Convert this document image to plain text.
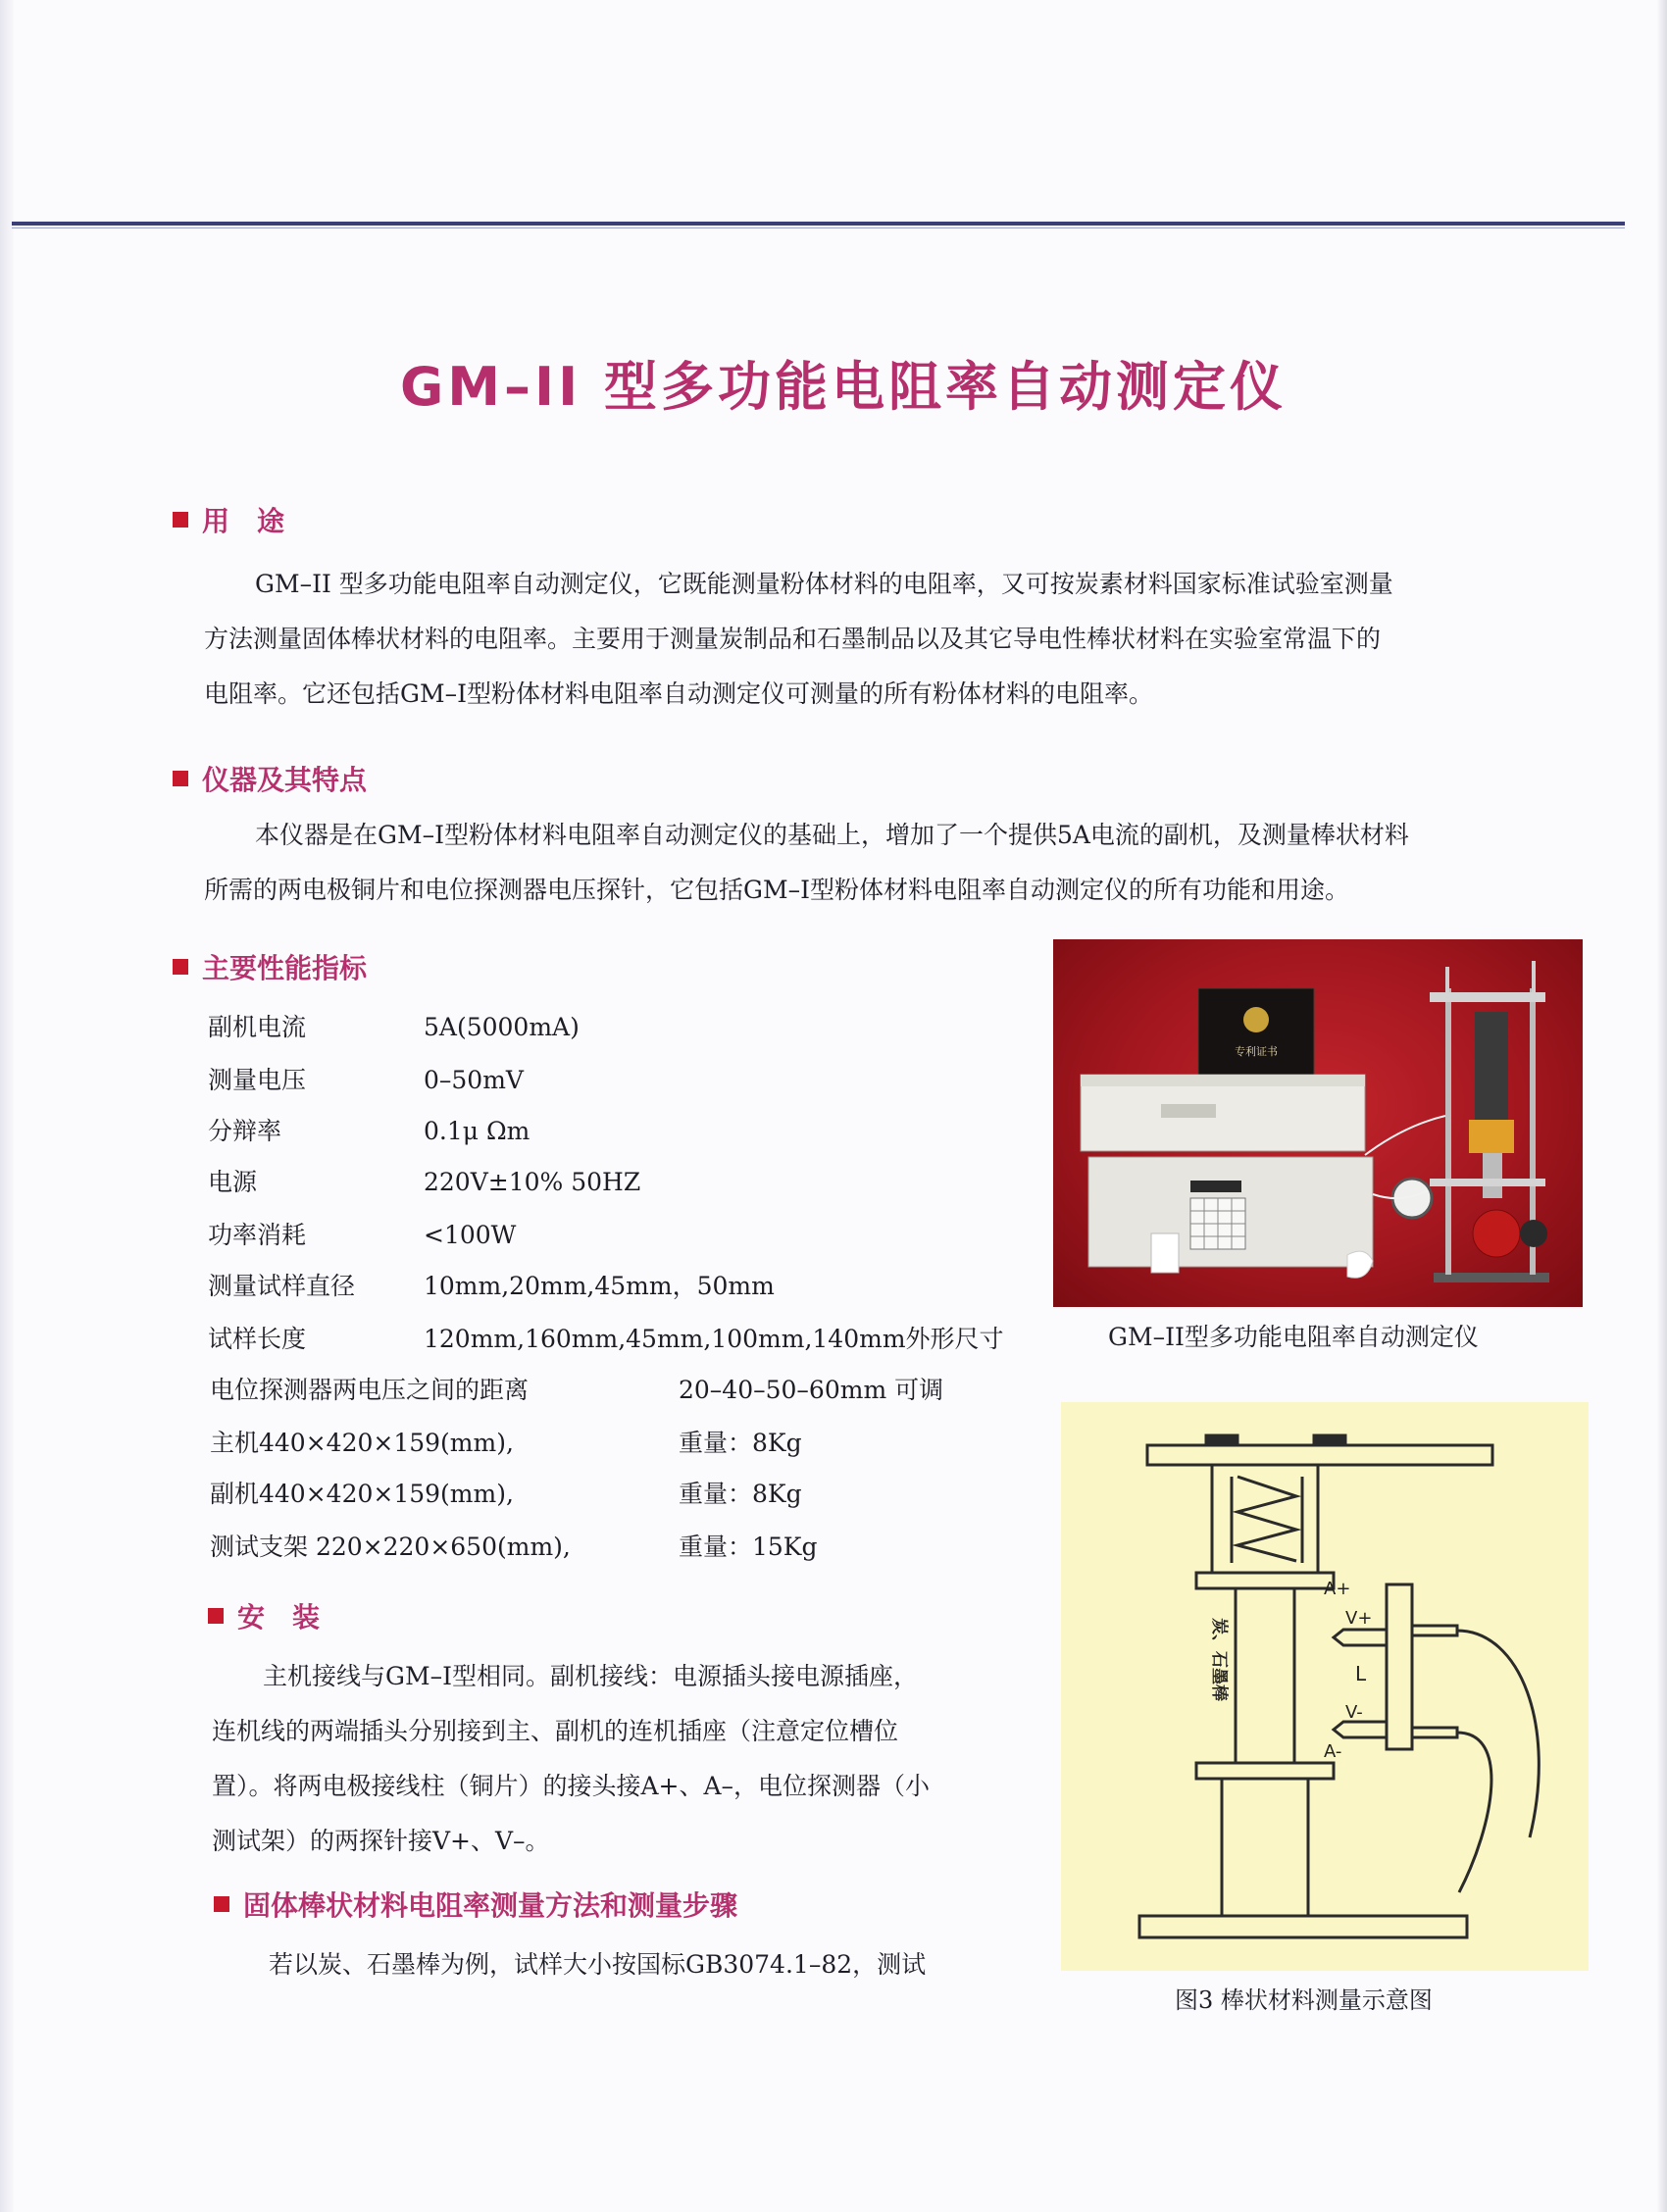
GM–II 型多功能电阻率自动测定仪
用　途

GM–II 型多功能电阻率自动测定仪，它既能测量粉体材料的电阻率，又可按炭素材料国家标准试验室测量

方法测量固体棒状材料的电阻率。主要用于测量炭制品和石墨制品以及其它导电性棒状材料在实验室常温下的

电阻率。它还包括GM–I型粉体材料电阻率自动测定仪可测量的所有粉体材料的电阻率。

仪器及其特点

本仪器是在GM–I型粉体材料电阻率自动测定仪的基础上，增加了一个提供5A电流的副机，及测量棒状材料

所需的两电极铜片和电位探测器电压探针，它包括GM–I型粉体材料电阻率自动测定仪的所有功能和用途。

主要性能指标
副机电流	5A(5000mA)
测量电压	0–50mV
分辩率	0.1μ Ωm
电源	220V±10% 50HZ
功率消耗	<100W
测量试样直径	10mm,20mm,45mm，50mm
试样长度	120mm,160mm,45mm,100mm,140mm外形尺寸
电位探测器两电压之间的距离	20–40–50–60mm 可调
主机440×420×159(mm),	重量：8Kg
副机440×420×159(mm),	重量：8Kg
测试支架 220×220×650(mm),	重量：15Kg
安　装

主机接线与GM–I型相同。副机接线：电源插头接电源插座，

连机线的两端插头分别接到主、副机的连机插座（注意定位槽位

置）。将两电极接线柱（铜片）的接头接A+、A–，电位探测器（小

测试架）的两探针接V+、V–。

固体棒状材料电阻率测量方法和测量步骤

若以炭、石墨棒为例，试样大小按国标GB3074.1–82，测试

专利证书
GM–II型多功能电阻率自动测定仪
A+
A-
V+
V-
L
炭、石墨棒
图3 棒状材料测量示意图
